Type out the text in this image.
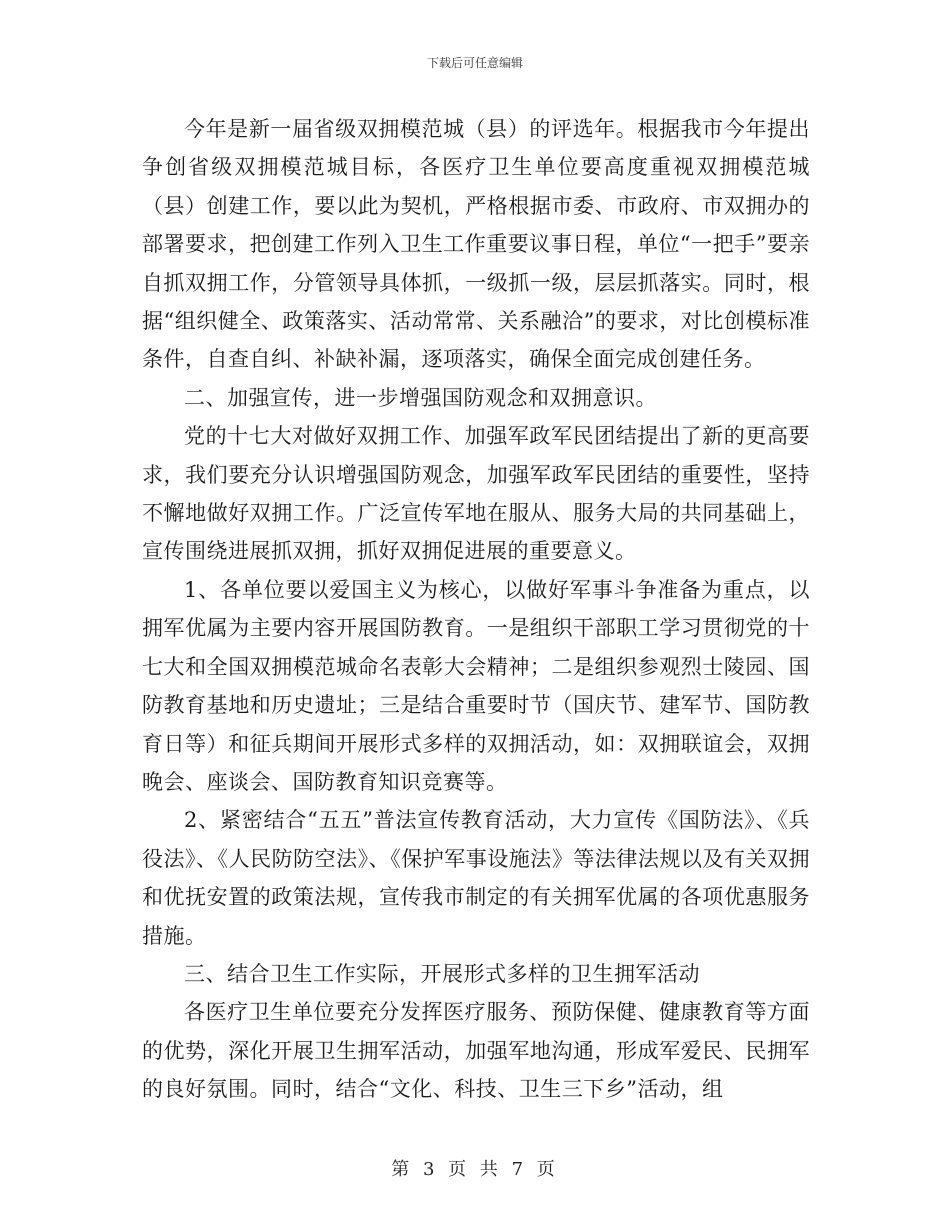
下载后可任意编辑

今年是新一届省级双拥模范城（县）的评选年。根据我市今年提出争创省级双拥模范城目标，各医疗卫生单位要高度重视双拥模范城（县）创建工作，要以此为契机，严格根据市委、市政府、市双拥办的部署要求，把创建工作列入卫生工作重要议事日程，单位“一把手”要亲自抓双拥工作，分管领导具体抓，一级抓一级，层层抓落实。同时，根据“组织健全、政策落实、活动常常、关系融洽”的要求，对比创模标准条件，自查自纠、补缺补漏，逐项落实，确保全面完成创建任务。

二、加强宣传，进一步增强国防观念和双拥意识。

党的十七大对做好双拥工作、加强军政军民团结提出了新的更高要求，我们要充分认识增强国防观念，加强军政军民团结的重要性，坚持不懈地做好双拥工作。广泛宣传军地在服从、服务大局的共同基础上，宣传围绕进展抓双拥，抓好双拥促进展的重要意义。

1、各单位要以爱国主义为核心，以做好军事斗争准备为重点，以拥军优属为主要内容开展国防教育。一是组织干部职工学习贯彻党的十七大和全国双拥模范城命名表彰大会精神；二是组织参观烈士陵园、国防教育基地和历史遗址；三是结合重要时节（国庆节、建军节、国防教育日等）和征兵期间开展形式多样的双拥活动，如：双拥联谊会，双拥晚会、座谈会、国防教育知识竞赛等。

2、紧密结合“五五”普法宣传教育活动，大力宣传《国防法》、《兵役法》、《人民防防空法》、《保护军事设施法》等法律法规以及有关双拥和优抚安置的政策法规，宣传我市制定的有关拥军优属的各项优惠服务措施。

三、结合卫生工作实际，开展形式多样的卫生拥军活动

各医疗卫生单位要充分发挥医疗服务、预防保健、健康教育等方面的优势，深化开展卫生拥军活动，加强军地沟通，形成军爱民、民拥军的良好氛围。同时，结合“文化、科技、卫生三下乡”活动，组

第 3 页 共 7 页
